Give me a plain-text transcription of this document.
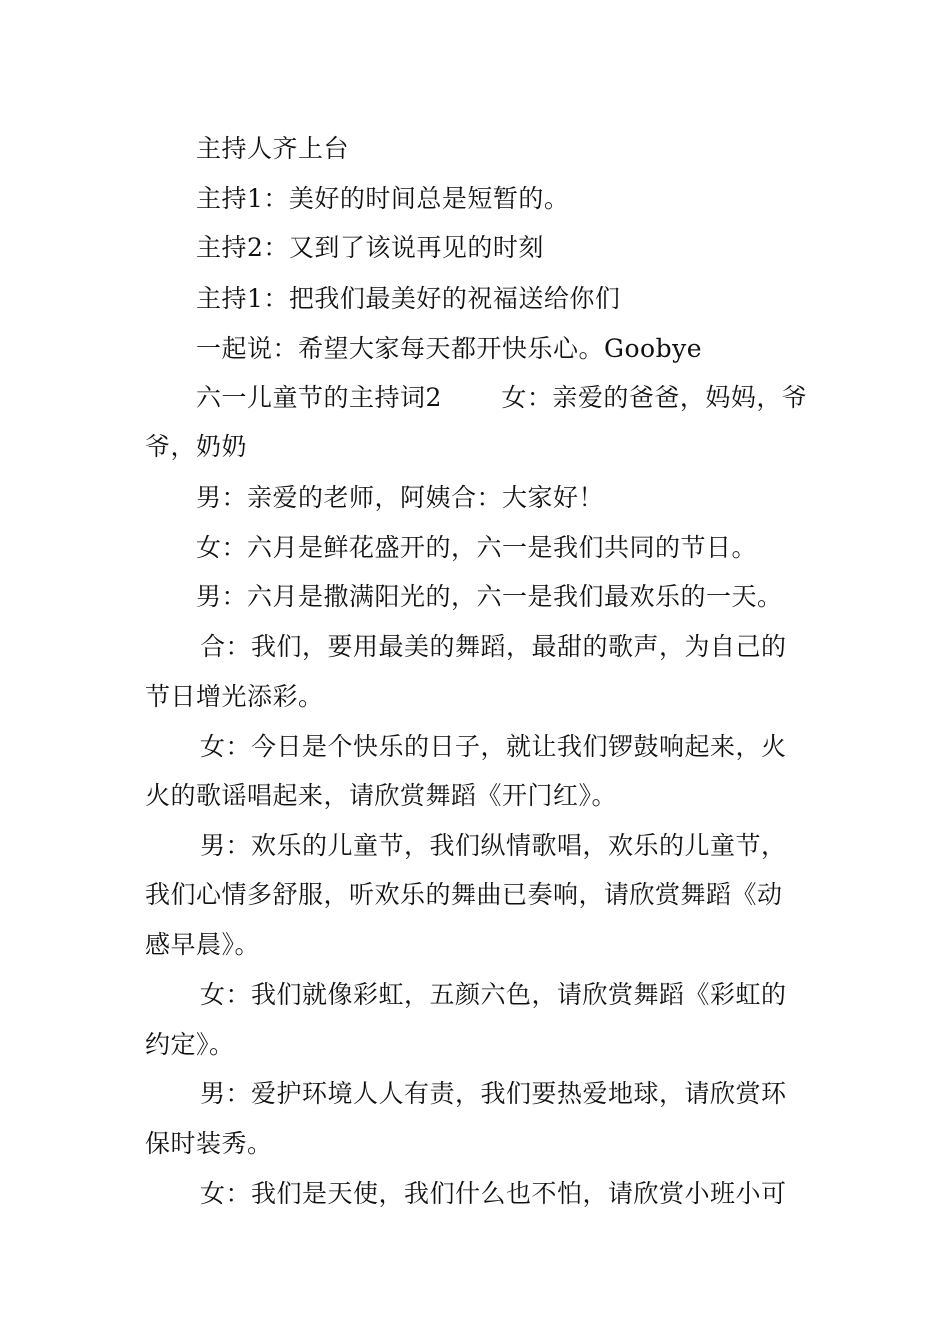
主持人齐上台
主持1：美好的时间总是短暂的。
主持2：又到了该说再见的时刻
主持1：把我们最美好的祝福送给你们
一起说：希望大家每天都开快乐心。Goobye
六一儿童节的主持词2 　　女：亲爱的爸爸，妈妈，爷
爷，奶奶
男：亲爱的老师，阿姨合：大家好！
女：六月是鲜花盛开的，六一是我们共同的节日。
男：六月是撒满阳光的，六一是我们最欢乐的一天。
合：我们，要用最美的舞蹈，最甜的歌声，为自己的
节日增光添彩。
女：今日是个快乐的日子，就让我们锣鼓响起来，火
火的歌谣唱起来，请欣赏舞蹈《开门红》。
男：欢乐的儿童节，我们纵情歌唱，欢乐的儿童节，
我们心情多舒服，听欢乐的舞曲已奏响，请欣赏舞蹈《动
感早晨》。
女：我们就像彩虹，五颜六色，请欣赏舞蹈《彩虹的
约定》。
男：爱护环境人人有责，我们要热爱地球，请欣赏环
保时装秀。
女：我们是天使，我们什么也不怕，请欣赏小班小可
